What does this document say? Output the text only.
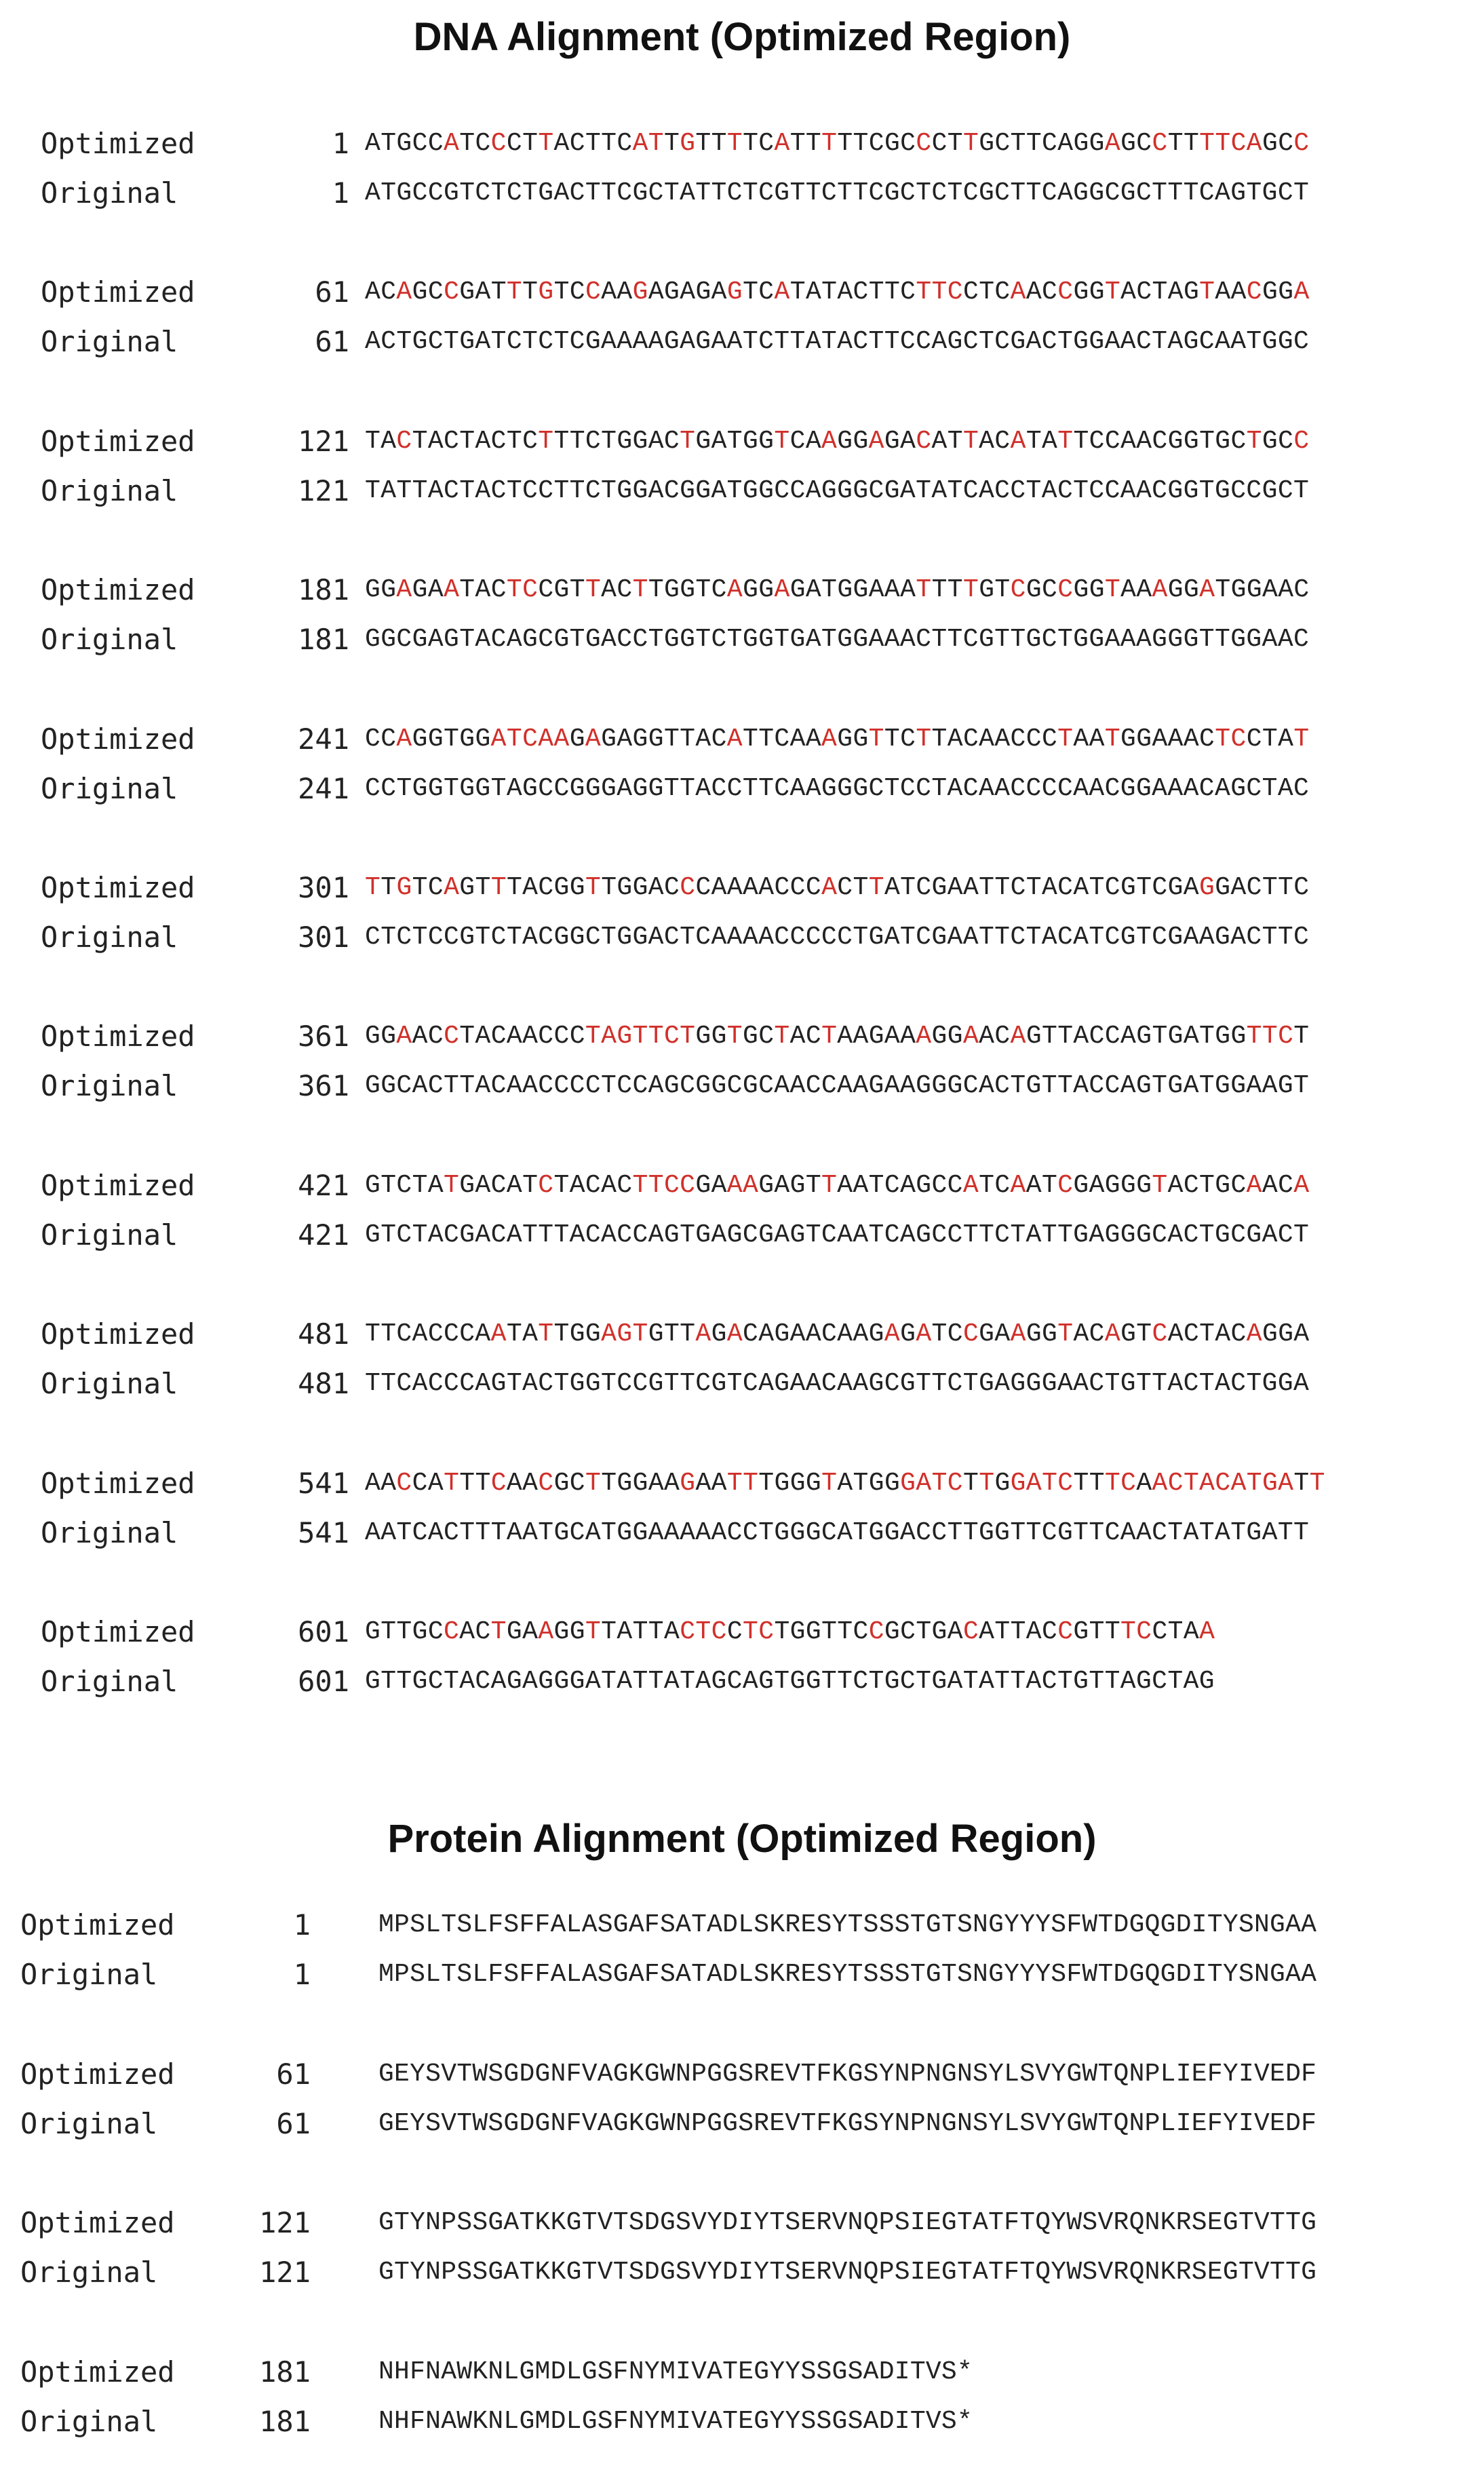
DNA Alignment (Optimized Region)
Optimized	1 ATGCCATCCCTTACTTCATTGTTTTCATTTTTCGCCCTTGCTTCAGGAGCCTTTTCAGCC
Original	1 ATGCCGTCTCTGACTTCGCTATTCTCGTTCTTCGCTCTCGCTTCAGGCGCTTTCAGTGCT
Optimized	61 ACAGCCGATTTGTCCAAGAGAGAGTCATATACTTCTTCCTCAACCGGTACTAGTAACGGA
Original	61 ACTGCTGATCTCTCGAAAAGAGAATCTTATACTTCCAGCTCGACTGGAACTAGCAATGGC
Optimized	121 TACTACTACTCTTTCTGGACTGATGGTCAAGGAGACATTACATATTCCAACGGTGCTGCC
Original	121 TATTACTACTCCTTCTGGACGGATGGCCAGGGCGATATCACCTACTCCAACGGTGCCGCT
Optimized	181 GGAGAATACTCCGTTACTTGGTCAGGAGATGGAAATTTTGTCGCCGGTAAAGGATGGAAC
Original	181 GGCGAGTACAGCGTGACCTGGTCTGGTGATGGAAACTTCGTTGCTGGAAAGGGTTGGAAC
Optimized	241 CCAGGTGGATCAAGAGAGGTTACATTCAAAGGTTCTTACAACCCTAATGGAAACTCCTAT
Original	241 CCTGGTGGTAGCCGGGAGGTTACCTTCAAGGGCTCCTACAACCCCAACGGAAACAGCTAC
Optimized	301 TTGTCAGTTTACGGTTGGACCCAAAACCCACTTATCGAATTCTACATCGTCGAGGACTTC
Original	301 CTCTCCGTCTACGGCTGGACTCAAAACCCCCTGATCGAATTCTACATCGTCGAAGACTTC
Optimized	361 GGAACCTACAACCCTAGTTCTGGTGCTACTAAGAAAGGAACAGTTACCAGTGATGGTTCT
Original	361 GGCACTTACAACCCCTCCAGCGGCGCAACCAAGAAGGGCACTGTTACCAGTGATGGAAGT
Optimized	421 GTCTATGACATCTACACTTCCGAAAGAGTTAATCAGCCATCAATCGAGGGTACTGCAACA
Original	421 GTCTACGACATTTACACCAGTGAGCGAGTCAATCAGCCTTCTATTGAGGGCACTGCGACT
Optimized	481 TTCACCCAATATTGGAGTGTTAGACAGAACAAGAGATCCGAAGGTACAGTCACTACAGGA
Original	481 TTCACCCAGTACTGGTCCGTTCGTCAGAACAAGCGTTCTGAGGGAACTGTTACTACTGGA
Optimized	541 AACCATTTCAACGCTTGGAAGAATTTGGGTATGGGATCTTGGATCTTTCAACTACATGATT
Original	541 AATCACTTTAATGCATGGAAAAACCTGGGCATGGACCTTGGTTCGTTCAACTATATGATT
Optimized	601 GTTGCCACTGAAGGTTATTACTCCTCTGGTTCCGCTGACATTACCGTTTCCTAA
Original	601 GTTGCTACAGAGGGATATTATAGCAGTGGTTCTGCTGATATTACTGTTAGCTAG
Protein Alignment (Optimized Region)
Optimized	1	MPSLTSLFSFFALASGAFSATADLSKRESYTSSSTGTSNGYYYSFWTDGQGDITYSNGAA
Original	1	MPSLTSLFSFFALASGAFSATADLSKRESYTSSSTGTSNGYYYSFWTDGQGDITYSNGAA
Optimized	61	GEYSVTWSGDGNFVAGKGWNPGGSREVTFKGSYNPNGNSYLSVYGWTQNPLIEFYIVEDF
Original	61	GEYSVTWSGDGNFVAGKGWNPGGSREVTFKGSYNPNGNSYLSVYGWTQNPLIEFYIVEDF
Optimized	121	GTYNPSSGATKKGTVTSDGSVYDIYTSERVNQPSIEGTATFTQYWSVRQNKRSEGTVTTG
Original	121	GTYNPSSGATKKGTVTSDGSVYDIYTSERVNQPSIEGTATFTQYWSVRQNKRSEGTVTTG
Optimized	181	NHFNAWKNLGMDLGSFNYMIVATEGYYSSGSADITVS*
Original	181	NHFNAWKNLGMDLGSFNYMIVATEGYYSSGSADITVS*
